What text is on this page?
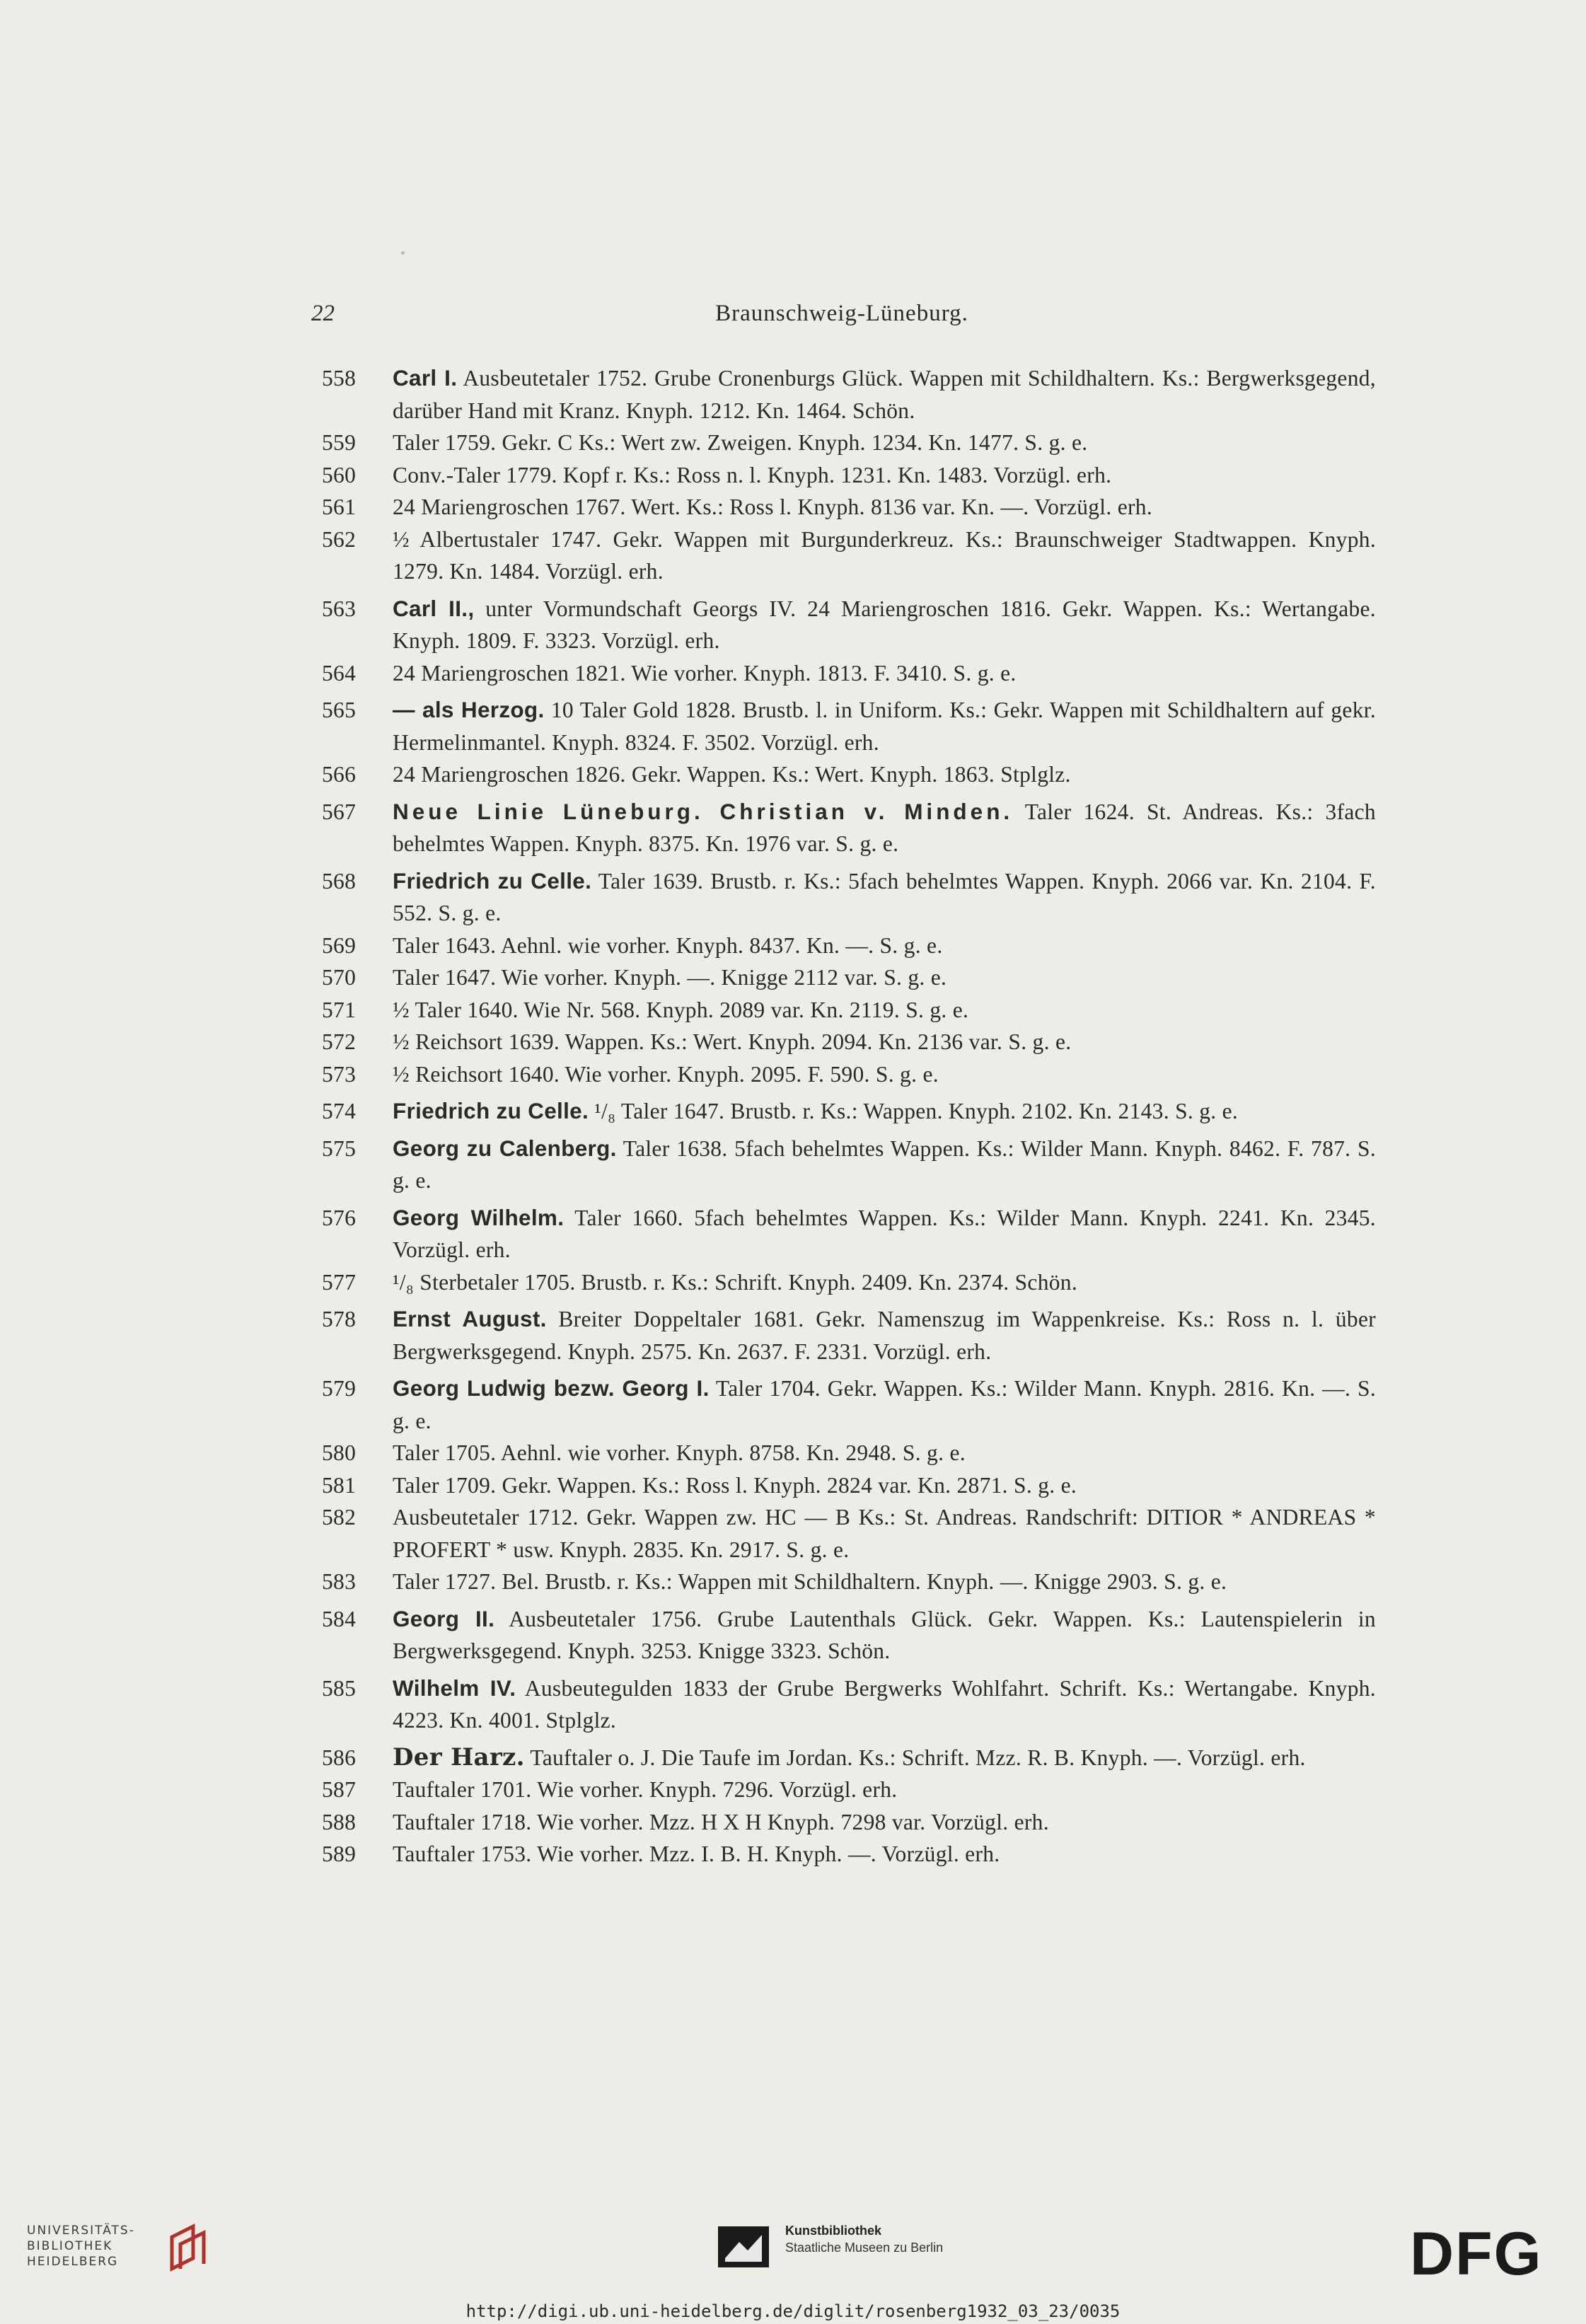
22	Braunschweig-Lüneburg.
558	Carl I. Ausbeutetaler 1752. Grube Cronenburgs Glück. Wappen mit Schildhaltern. Ks.: Bergwerksgegend, darüber Hand mit Kranz. Knyph. 1212. Kn. 1464. Schön.
559	Taler 1759. Gekr. C Ks.: Wert zw. Zweigen. Knyph. 1234. Kn. 1477. S. g. e.
560	Conv.-Taler 1779. Kopf r. Ks.: Ross n. l. Knyph. 1231. Kn. 1483. Vorzügl. erh.
561	24 Mariengroschen 1767. Wert. Ks.: Ross l. Knyph. 8136 var. Kn. —. Vorzügl. erh.
562	½ Albertustaler 1747. Gekr. Wappen mit Burgunderkreuz. Ks.: Braunschweiger Stadtwappen. Knyph. 1279. Kn. 1484. Vorzügl. erh.
563	Carl II., unter Vormundschaft Georgs IV. 24 Mariengroschen 1816. Gekr. Wappen. Ks.: Wertangabe. Knyph. 1809. F. 3323. Vorzügl. erh.
564	24 Mariengroschen 1821. Wie vorher. Knyph. 1813. F. 3410. S. g. e.
565	— als Herzog. 10 Taler Gold 1828. Brustb. l. in Uniform. Ks.: Gekr. Wappen mit Schildhaltern auf gekr. Hermelinmantel. Knyph. 8324. F. 3502. Vorzügl. erh.
566	24 Mariengroschen 1826. Gekr. Wappen. Ks.: Wert. Knyph. 1863. Stplglz.
567	Neue Linie Lüneburg. Christian v. Minden. Taler 1624. St. Andreas. Ks.: 3fach behelmtes Wappen. Knyph. 8375. Kn. 1976 var. S. g. e.
568	Friedrich zu Celle. Taler 1639. Brustb. r. Ks.: 5fach behelmtes Wappen. Knyph. 2066 var. Kn. 2104. F. 552. S. g. e.
569	Taler 1643. Aehnl. wie vorher. Knyph. 8437. Kn. —. S. g. e.
570	Taler 1647. Wie vorher. Knyph. —. Knigge 2112 var. S. g. e.
571	½ Taler 1640. Wie Nr. 568. Knyph. 2089 var. Kn. 2119. S. g. e.
572	½ Reichsort 1639. Wappen. Ks.: Wert. Knyph. 2094. Kn. 2136 var. S. g. e.
573	½ Reichsort 1640. Wie vorher. Knyph. 2095. F. 590. S. g. e.
574	Friedrich zu Celle. ¹/₈ Taler 1647. Brustb. r. Ks.: Wappen. Knyph. 2102. Kn. 2143. S. g. e.
575	Georg zu Calenberg. Taler 1638. 5fach behelmtes Wappen. Ks.: Wilder Mann. Knyph. 8462. F. 787. S. g. e.
576	Georg Wilhelm. Taler 1660. 5fach behelmtes Wappen. Ks.: Wilder Mann. Knyph. 2241. Kn. 2345. Vorzügl. erh.
577	¹/₈ Sterbetaler 1705. Brustb. r. Ks.: Schrift. Knyph. 2409. Kn. 2374. Schön.
578	Ernst August. Breiter Doppeltaler 1681. Gekr. Namenszug im Wappenkreise. Ks.: Ross n. l. über Bergwerksgegend. Knyph. 2575. Kn. 2637. F. 2331. Vorzügl. erh.
579	Georg Ludwig bezw. Georg I. Taler 1704. Gekr. Wappen. Ks.: Wilder Mann. Knyph. 2816. Kn. —. S. g. e.
580	Taler 1705. Aehnl. wie vorher. Knyph. 8758. Kn. 2948. S. g. e.
581	Taler 1709. Gekr. Wappen. Ks.: Ross l. Knyph. 2824 var. Kn. 2871. S. g. e.
582	Ausbeutetaler 1712. Gekr. Wappen zw. HC — B Ks.: St. Andreas. Randschrift: DITIOR * ANDREAS * PROFERT * usw. Knyph. 2835. Kn. 2917. S. g. e.
583	Taler 1727. Bel. Brustb. r. Ks.: Wappen mit Schildhaltern. Knyph. —. Knigge 2903. S. g. e.
584	Georg II. Ausbeutetaler 1756. Grube Lautenthals Glück. Gekr. Wappen. Ks.: Lautenspielerin in Bergwerksgegend. Knyph. 3253. Knigge 3323. Schön.
585	Wilhelm IV. Ausbeutegulden 1833 der Grube Bergwerks Wohlfahrt. Schrift. Ks.: Wertangabe. Knyph. 4223. Kn. 4001. Stplglz.
586	Der Harz. Tauftaler o. J. Die Taufe im Jordan. Ks.: Schrift. Mzz. R. B. Knyph. —. Vorzügl. erh.
587	Tauftaler 1701. Wie vorher. Knyph. 7296. Vorzügl. erh.
588	Tauftaler 1718. Wie vorher. Mzz. H X H Knyph. 7298 var. Vorzügl. erh.
589	Tauftaler 1753. Wie vorher. Mzz. I. B. H. Knyph. —. Vorzügl. erh.
UNIVERSITÄTS-
BIBLIOTHEK
HEIDELBERG
Kunstbibliothek
Staatliche Museen zu Berlin	DFG
http://digi.ub.uni-heidelberg.de/diglit/rosenberg1932_03_23/0035
